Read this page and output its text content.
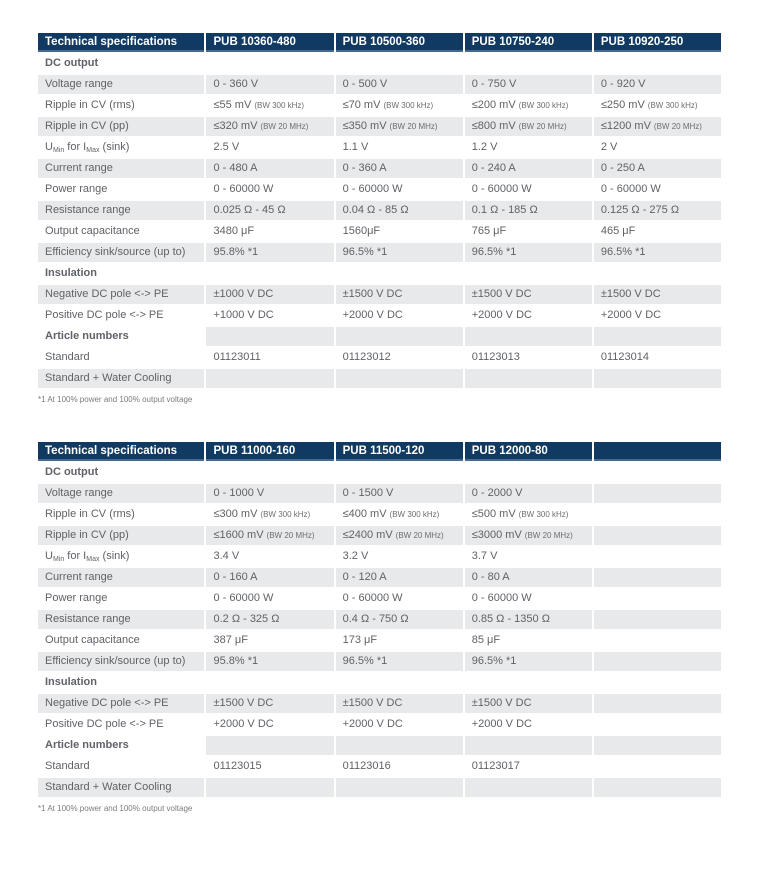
Technical specifications	PUB 10360-480	PUB 10500-360	PUB 10750-240	PUB 10920-250
DC output				
Voltage range	0 - 360 V	0 - 500 V	0 - 750 V	0 - 920 V
Ripple in CV (rms)	≤55 mV (BW 300 kHz)	≤70 mV (BW 300 kHz)	≤200 mV (BW 300 kHz)	≤250 mV (BW 300 kHz)
Ripple in CV (pp)	≤320 mV (BW 20 MHz)	≤350 mV (BW 20 MHz)	≤800 mV (BW 20 MHz)	≤1200 mV (BW 20 MHz)
$U_{Min}$ for $I_{Max}$ (sink)	2.5 V	1.1 V	1.2 V	2 V
Current range	0 - 480 A	0 - 360 A	0 - 240 A	0 - 250 A
Power range	0 - 60000 W	0 - 60000 W	0 - 60000 W	0 - 60000 W
Resistance range	0.025 Ω - 45 Ω	0.04 Ω - 85 Ω	0.1 Ω - 185 Ω	0.125 Ω - 275 Ω
Output capacitance	3480 μF	1560μF	765 μF	465 μF
Efficiency sink/source (up to)	95.8% *1	96.5% *1	96.5% *1	96.5% *1
Insulation				
Negative DC pole <-> PE	±1000 V DC	±1500 V DC	±1500 V DC	±1500 V DC
Positive DC pole <-> PE	+1000 V DC	+2000 V DC	+2000 V DC	+2000 V DC
Article numbers				
Standard	01123011	01123012	01123013	01123014
Standard + Water Cooling				

*1 At 100% power and 100% output voltage

Technical specifications	PUB 11000-160	PUB 11500-120	PUB 12000-80	
DC output				
Voltage range	0 - 1000 V	0 - 1500 V	0 - 2000 V	
Ripple in CV (rms)	≤300 mV (BW 300 kHz)	≤400 mV (BW 300 kHz)	≤500 mV (BW 300 kHz)	
Ripple in CV (pp)	≤1600 mV (BW 20 MHz)	≤2400 mV (BW 20 MHz)	≤3000 mV (BW 20 MHz)	
$U_{Min}$ for $I_{Max}$ (sink)	3.4 V	3.2 V	3.7 V	
Current range	0 - 160 A	0 - 120 A	0 - 80 A	
Power range	0 - 60000 W	0 - 60000 W	0 - 60000 W	
Resistance range	0.2 Ω - 325 Ω	0.4 Ω - 750 Ω	0.85 Ω - 1350 Ω	
Output capacitance	387 μF	173 μF	85 μF	
Efficiency sink/source (up to)	95.8% *1	96.5% *1	96.5% *1	
Insulation				
Negative DC pole <-> PE	±1500 V DC	±1500 V DC	±1500 V DC	
Positive DC pole <-> PE	+2000 V DC	+2000 V DC	+2000 V DC	
Article numbers				
Standard	01123015	01123016	01123017	
Standard + Water Cooling				

*1 At 100% power and 100% output voltage
